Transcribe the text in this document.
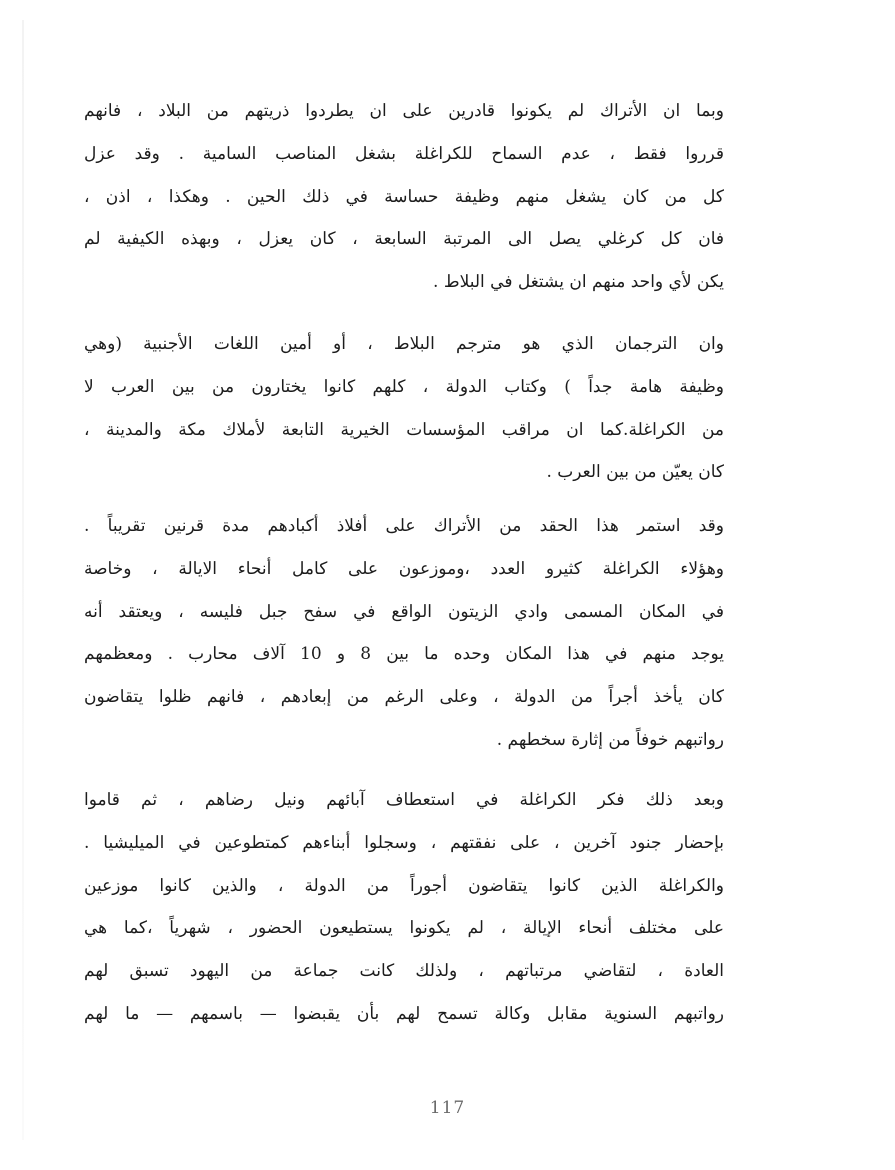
وبما ان الأتراك لم يكونوا قادرين على ان يطردوا ذريتهم من البلاد ، فانهم
قرروا فقط ، عدم السماح للكراغلة بشغل المناصب السامية . وقد عزل
كل من كان يشغل منهم وظيفة حساسة في ذلك الحين . وهكذا ، اذن ،
فان كل كرغلي يصل الى المرتبة السابعة ، كان يعزل ، وبهذه الكيفية لم
يكن لأي واحد منهم ان يشتغل في البلاط .
وان الترجمان الذي هو مترجم البلاط ، أو أمين اللغات الأجنبية (وهي
وظيفة هامة جداً ) وكتاب الدولة ، كلهم كانوا يختارون من بين العرب لا
من الكراغلة.كما ان مراقب المؤسسات الخيرية التابعة لأملاك مكة والمدينة ،
كان يعيّن من بين العرب .
وقد استمر هذا الحقد من الأتراك على أفلاذ أكبادهم مدة قرنين تقريباً .
وهؤلاء الكراغلة كثيرو العدد ،وموزعون على كامل أنحاء الايالة ، وخاصة
في المكان المسمى وادي الزيتون الواقع في سفح جبل فليسه ، ويعتقد أنه
يوجد منهم في هذا المكان وحده ما بين 8 و 10 آلاف محارب . ومعظمهم
كان يأخذ أجراً من الدولة ، وعلى الرغم من إبعادهم ، فانهم ظلوا يتقاضون
رواتبهم خوفاً من إثارة سخطهم .
وبعد ذلك فكر الكراغلة في استعطاف آبائهم ونيل رضاهم ، ثم قاموا
بإحضار جنود آخرين ، على نفقتهم ، وسجلوا أبناءهم كمتطوعين في الميليشيا .
والكراغلة الذين كانوا يتقاضون أجوراً من الدولة ، والذين كانوا موزعين
على مختلف أنحاء الإيالة ، لم يكونوا يستطيعون الحضور ، شهرياً ،كما هي
العادة ، لتقاضي مرتباتهم ، ولذلك كانت جماعة من اليهود تسبق لهم
رواتبهم السنوية مقابل وكالة تسمح لهم بأن يقبضوا — باسمهم — ما لهم
117
